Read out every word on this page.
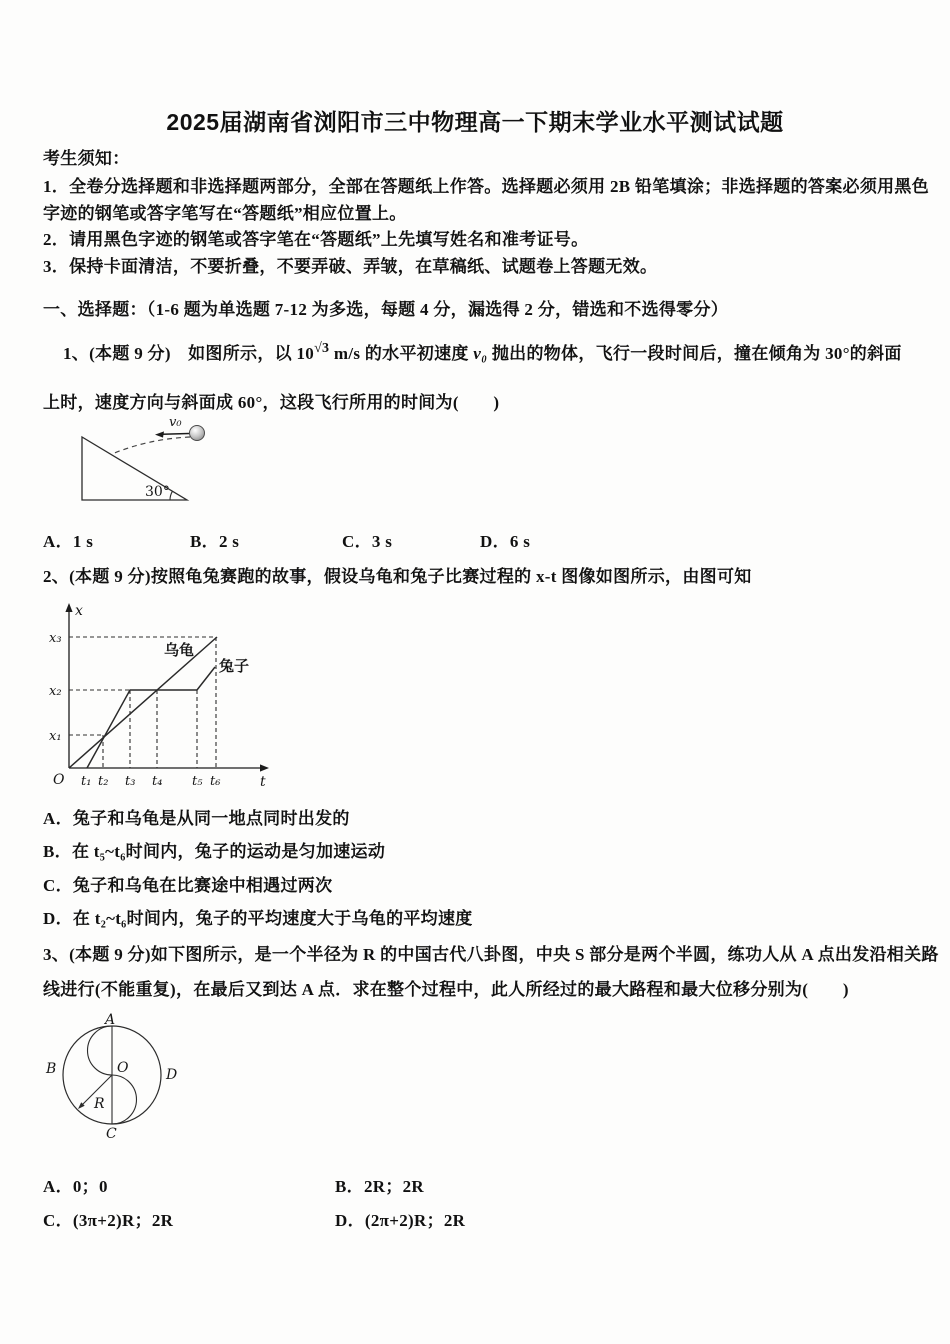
2025届湖南省浏阳市三中物理高一下期末学业水平测试试题
考生须知：
1．全卷分选择题和非选择题两部分，全部在答题纸上作答。选择题必须用 2B 铅笔填涂；非选择题的答案必须用黑色
字迹的钢笔或答字笔写在“答题纸”相应位置上。
2．请用黑色字迹的钢笔或答字笔在“答题纸”上先填写姓名和准考证号。
3．保持卡面清洁，不要折叠，不要弄破、弄皱，在草稿纸、试题卷上答题无效。
一、选择题：（1-6 题为单选题 7-12 为多选，每题 4 分，漏选得 2 分，错选和不选得零分）
1、(本题 9 分)　如图所示，以 $10^{√3}$ m/s 的水平初速度 v₀ 抛出的物体，飞行一段时间后，撞在倾角为 30°的斜面
上时，速度方向与斜面成 60°，这段飞行所用的时间为(　　)
30°
v₀
A．1 s	B．2 s	C．3 s	D．6 s
2、(本题 9 分)按照龟兔赛跑的故事，假设乌龟和兔子比赛过程的 x-t 图像如图所示，由图可知
x
t
O
x₃
x₂
x₁
t₁ t₂ t₃ t₄ t₅ t₆
乌龟
兔子
A．兔子和乌龟是从同一地点同时出发的
B．在 t₅~t₆时间内，兔子的运动是匀加速运动
C．兔子和乌龟在比赛途中相遇过两次
D．在 t₂~t₆时间内，兔子的平均速度大于乌龟的平均速度
3、(本题 9 分)如下图所示，是一个半径为 R 的中国古代八卦图，中央 S 部分是两个半圆，练功人从 A 点出发沿相关路
线进行(不能重复)，在最后又到达 A 点．求在整个过程中，此人所经过的最大路程和最大位移分别为(　　)
A
B	O	D
C
R
A．0；0	B．2R；2R
C．(3π+2)R；2R	D．(2π+2)R；2R
